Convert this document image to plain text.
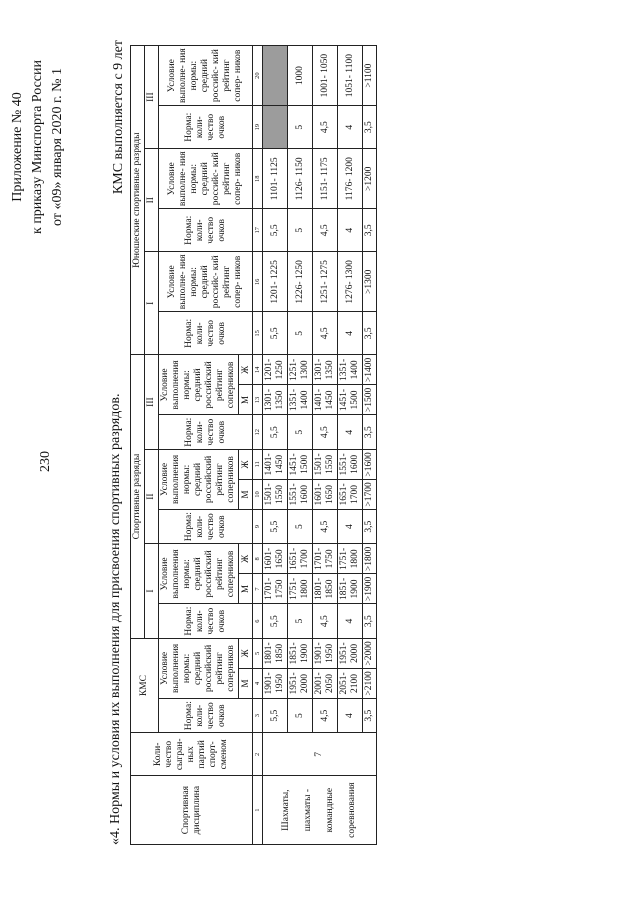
230
Приложение № 40 к приказу Минспорта России от «09» января 2020 г. № 1
«4. Нормы и условия их выполнения для присвоения спортивных разрядов.
КМС выполняется с 9 лет
Спортивная дисциплина	Коли- чество сыгран- ных партий спорт- сменом	КМС			Спортивные разряды									Юношеские спортивные разряды					
					I			II			III			I		II		III	
		Норма: коли- чество очков	Условие выполнения нормы: средний российский рейтинг соперников		Норма: коли- чество очков	Условие выполнения нормы: средний российский рейтинг соперников		Норма: коли- чество очков	Условие выполнения нормы: средний российский рейтинг соперников		Норма: коли- чество очков	Условие выполнения нормы: средний российский рейтинг соперников		Норма: коли- чество очков	Условие выполне- ния нормы: средний российс- кий рейтинг сопер- ников	Норма: коли- чество очков	Условие выполне- ния нормы: средний российс- кий рейтинг сопер- ников	Норма: коли- чество очков	Условие выполне- ния нормы: средний российс- кий рейтинг сопер- ников
			М	Ж		М	Ж		М	Ж		М	Ж						
1	2	3	4	5	6	7	8	9	10	11	12	13	14	15	16	17	18	19	20

Шахматы, шахматы - командные соревнования	7	5,5	1901- 1950	1801- 1850	5,5	1701- 1750	1601- 1650	5,5	1501- 1550	1401- 1450	5,5	1301- 1350	1201- 1250	5,5	1201- 1225	5,5	1101- 1125		
		5	1951- 2000	1851- 1900	5	1751- 1800	1651- 1700	5	1551- 1600	1451- 1500	5	1351- 1400	1251- 1300	5	1226- 1250	5	1126- 1150	5	1000
		4,5	2001- 2050	1901- 1950	4,5	1801- 1850	1701- 1750	4,5	1601- 1650	1501- 1550	4,5	1401- 1450	1301- 1350	4,5	1251- 1275	4,5	1151- 1175	4,5	1001- 1050
		4	2051- 2100	1951- 2000	4	1851- 1900	1751- 1800	4	1651- 1700	1551- 1600	4	1451- 1500	1351- 1400	4	1276- 1300	4	1176- 1200	4	1051- 1100
		3,5	>2100	>2000	3,5	>1900	>1800	3,5	>1700	>1600	3,5	>1500	>1400	3,5	>1300	3,5	>1200	3,5	>1100
